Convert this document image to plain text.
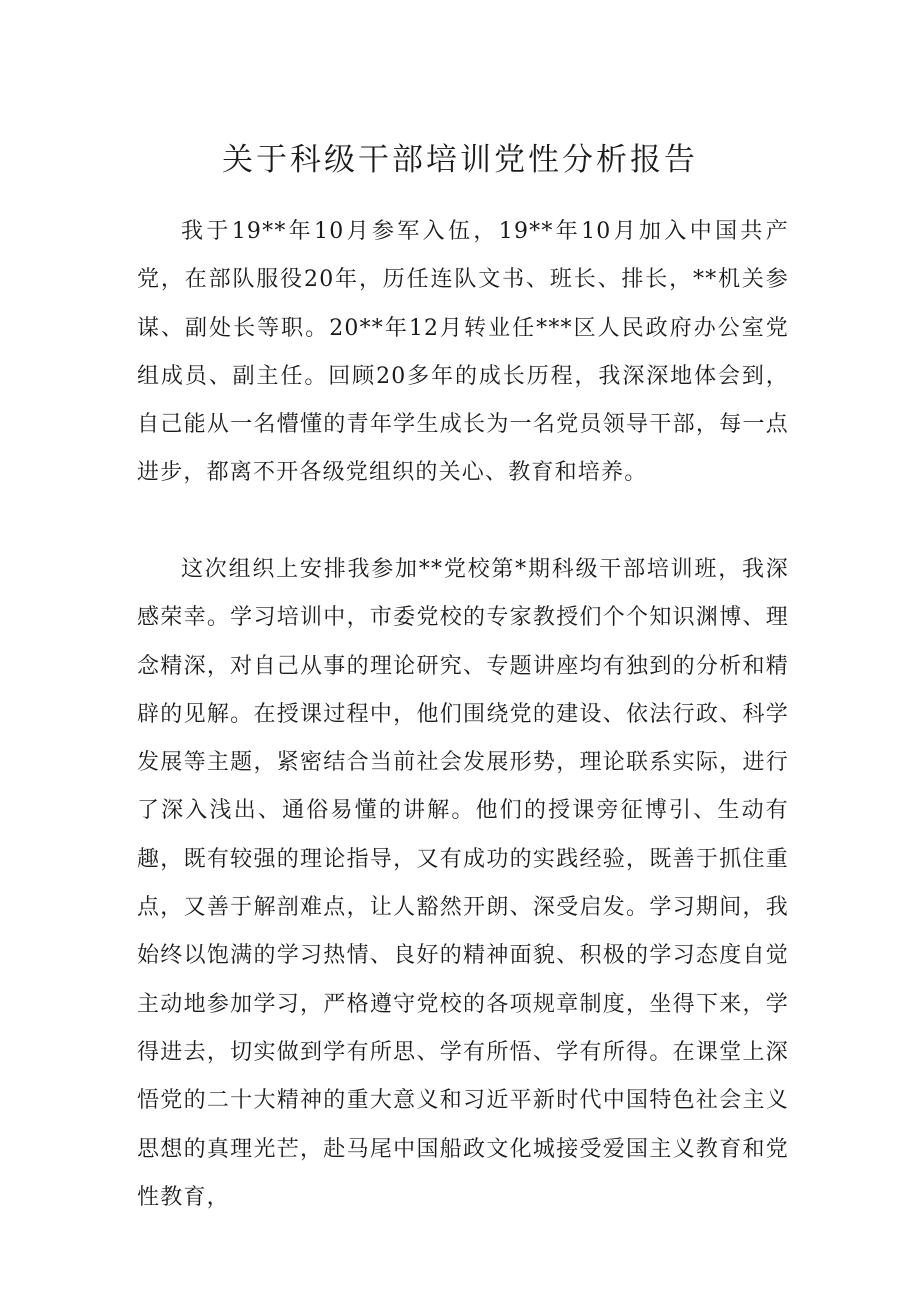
关于科级干部培训党性分析报告

我于19**年10月参军入伍，19**年10月加入中国共产党，在部队服役20年，历任连队文书、班长、排长，**机关参谋、副处长等职。20**年12月转业任***区人民政府办公室党组成员、副主任。回顾20多年的成长历程，我深深地体会到，自己能从一名懵懂的青年学生成长为一名党员领导干部，每一点进步，都离不开各级党组织的关心、教育和培养。

这次组织上安排我参加**党校第*期科级干部培训班，我深感荣幸。学习培训中，市委党校的专家教授们个个知识渊博、理念精深，对自己从事的理论研究、专题讲座均有独到的分析和精辟的见解。在授课过程中，他们围绕党的建设、依法行政、科学发展等主题，紧密结合当前社会发展形势，理论联系实际，进行了深入浅出、通俗易懂的讲解。他们的授课旁征博引、生动有趣，既有较强的理论指导，又有成功的实践经验，既善于抓住重点，又善于解剖难点，让人豁然开朗、深受启发。学习期间，我始终以饱满的学习热情、良好的精神面貌、积极的学习态度自觉主动地参加学习，严格遵守党校的各项规章制度，坐得下来，学得进去，切实做到学有所思、学有所悟、学有所得。在课堂上深悟党的二十大精神的重大意义和习近平新时代中国特色社会主义思想的真理光芒，赴马尾中国船政文化城接受爱国主义教育和党性教育，
